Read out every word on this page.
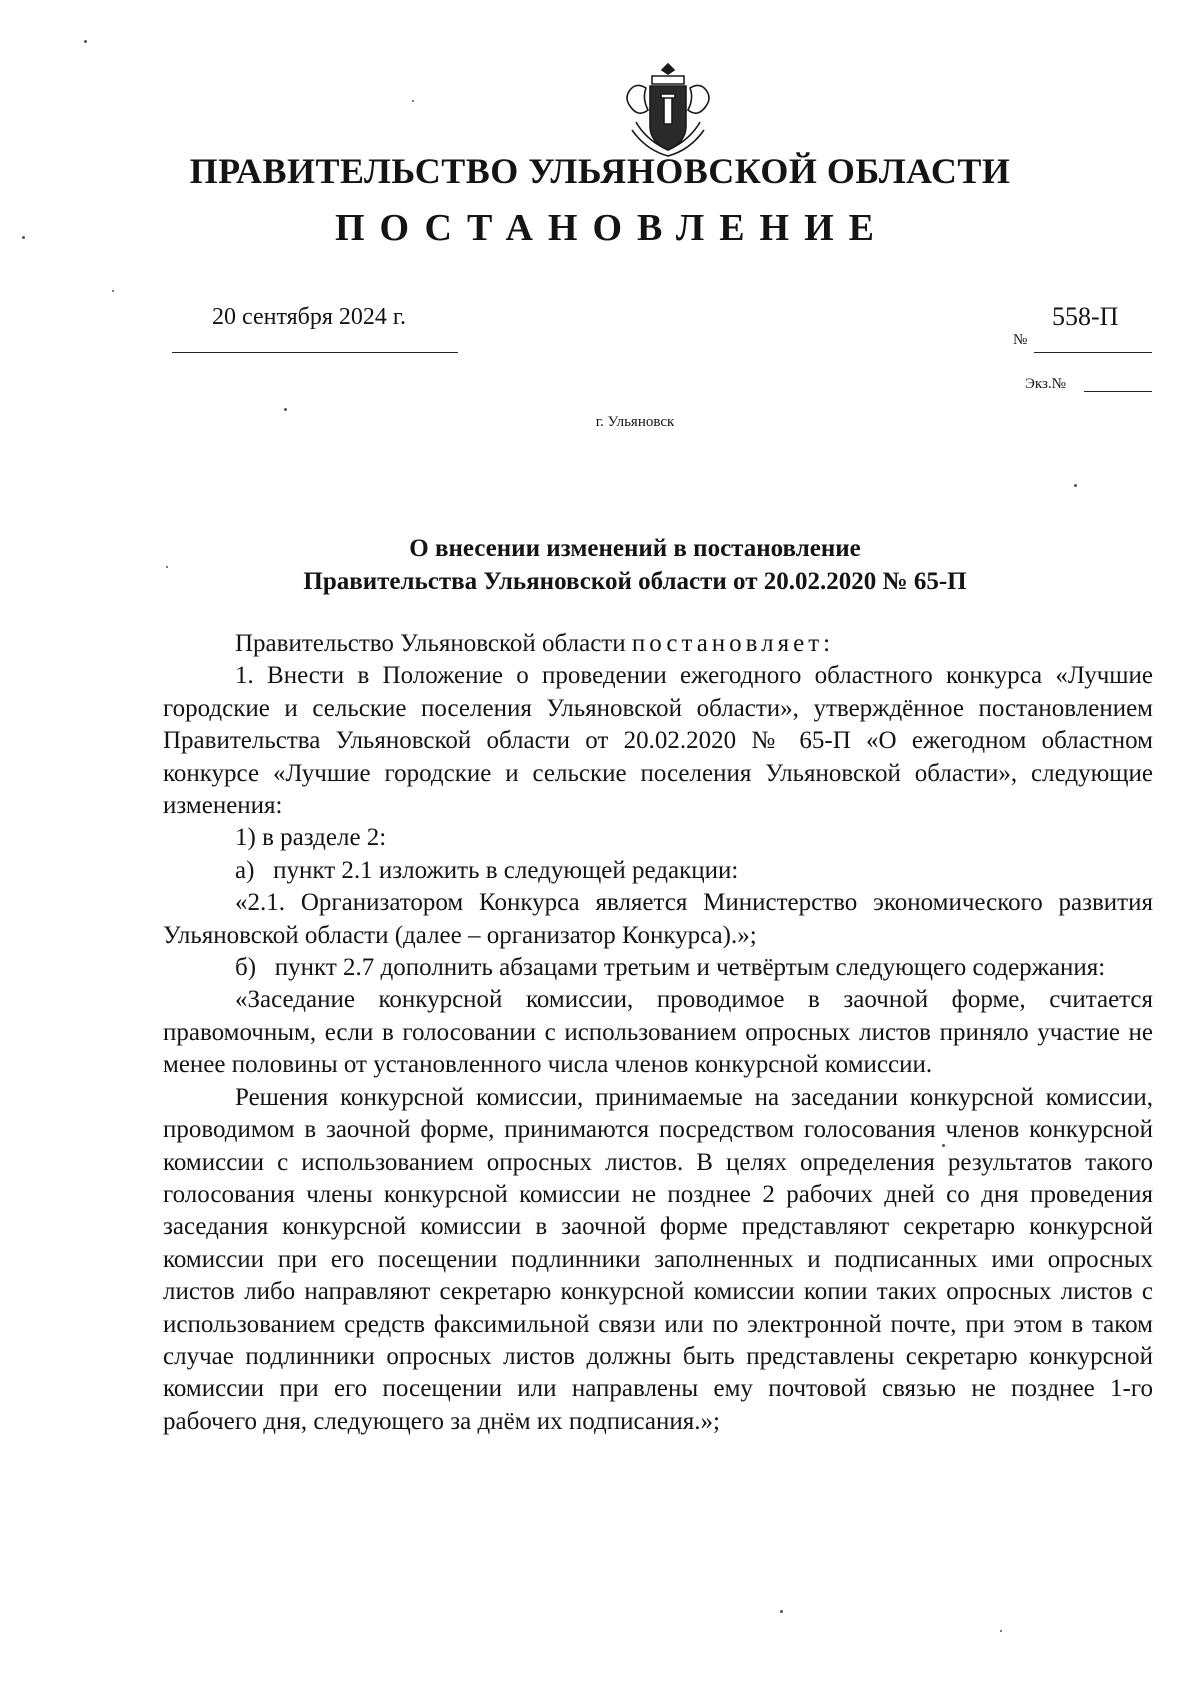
ПРАВИТЕЛЬСТВО УЛЬЯНОВСКОЙ ОБЛАСТИ
ПОСТАНОВЛЕНИЕ
20 сентября 2024 г.	558-П
№
Экз.№
г. Ульяновск
О внесении изменений в постановление
Правительства Ульяновской области от 20.02.2020 № 65-П

Правительство Ульяновской области постановляет:

1. Внести в Положение о проведении ежегодного областного конкурса «Лучшие городские и сельские поселения Ульяновской области», утверждённое постановлением Правительства Ульяновской области от 20.02.2020 № 65-П «О ежегодном областном конкурсе «Лучшие городские и сельские поселения Ульяновской области», следующие изменения:

1) в разделе 2:

а)   пункт 2.1 изложить в следующей редакции:

«2.1. Организатором Конкурса является Министерство экономического развития Ульяновской области (далее – организатор Конкурса).»;

б)   пункт 2.7 дополнить абзацами третьим и четвёртым следующего содержания:

«Заседание конкурсной комиссии, проводимое в заочной форме, считается правомочным, если в голосовании с использованием опросных листов приняло участие не менее половины от установленного числа членов конкурсной комиссии.

Решения конкурсной комиссии, принимаемые на заседании конкурсной комиссии, проводимом в заочной форме, принимаются посредством голосования членов конкурсной комиссии с использованием опросных листов. В целях определения результатов такого голосования члены конкурсной комиссии не позднее 2 рабочих дней со дня проведения заседания конкурсной комиссии в заочной форме представляют секретарю конкурсной комиссии при его посещении подлинники заполненных и подписанных ими опросных листов либо направляют секретарю конкурсной комиссии копии таких опросных листов с использованием средств факсимильной связи или по электронной почте, при этом в таком случае подлинники опросных листов должны быть представлены секретарю конкурсной комиссии при его посещении или направлены ему почтовой связью не позднее 1-го рабочего дня, следующего за днём их подписания.»;
